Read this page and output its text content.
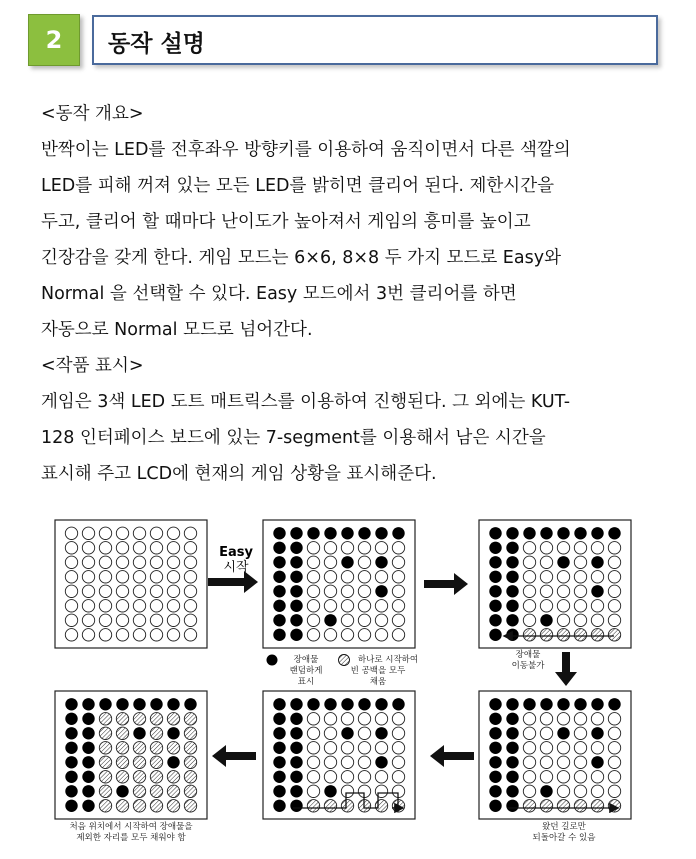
2	동작 설명
<동작 개요>
반짝이는 LED를 전후좌우 방향키를 이용하여 움직이면서 다른 색깔의
LED를 피해 꺼져 있는 모든 LED를 밝히면 클리어 된다. 제한시간을
두고, 클리어 할 때마다 난이도가 높아져서 게임의 흥미를 높이고
긴장감을 갖게 한다. 게임 모드는 6×6, 8×8 두 가지 모드로 Easy와
Normal 을 선택할 수 있다. Easy 모드에서 3번 클리어를 하면
자동으로 Normal 모드로 넘어간다.
<작품 표시>
게임은 3색 LED 도트 매트릭스를 이용하여 진행된다. 그 외에는 KUT-
128 인터페이스 보드에 있는 7-segment를 이용해서 남은 시간을
표시해 주고 LCD에 현재의 게임 상황을 표시해준다.
Easy
시작
장애물
랜덤하게
표시
하나로 시작하여
빈 공백을 모두
채움
장애물
이동불가
왔던 길로만
되돌아갈 수 있음
처음 위치에서 시작하여 장애물을
제외한 자리를 모두 채워야 함
